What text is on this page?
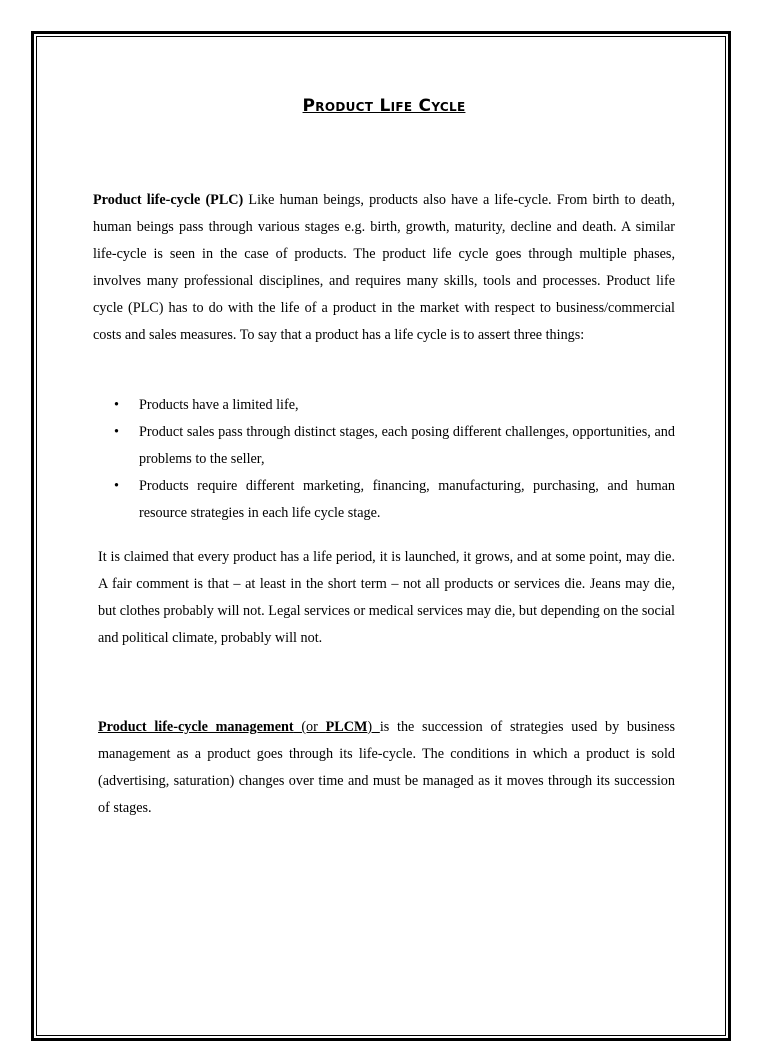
Product Life Cycle

Product life-cycle (PLC) Like human beings, products also have a life-cycle. From birth to death, human beings pass through various stages e.g. birth, growth, maturity, decline and death. A similar life-cycle is seen in the case of products. The product life cycle goes through multiple phases, involves many professional disciplines, and requires many skills, tools and processes. Product life cycle (PLC) has to do with the life of a product in the market with respect to business/commercial costs and sales measures. To say that a product has a life cycle is to assert three things:

• Products have a limited life,
• Product sales pass through distinct stages, each posing different challenges, opportunities, and problems to the seller,
• Products require different marketing, financing, manufacturing, purchasing, and human resource strategies in each life cycle stage.

It is claimed that every product has a life period, it is launched, it grows, and at some point, may die. A fair comment is that – at least in the short term – not all products or services die. Jeans may die, but clothes probably will not. Legal services or medical services may die, but depending on the social and political climate, probably will not.

Product life-cycle management (or PLCM) is the succession of strategies used by business management as a product goes through its life-cycle. The conditions in which a product is sold (advertising, saturation) changes over time and must be managed as it moves through its succession of stages.
